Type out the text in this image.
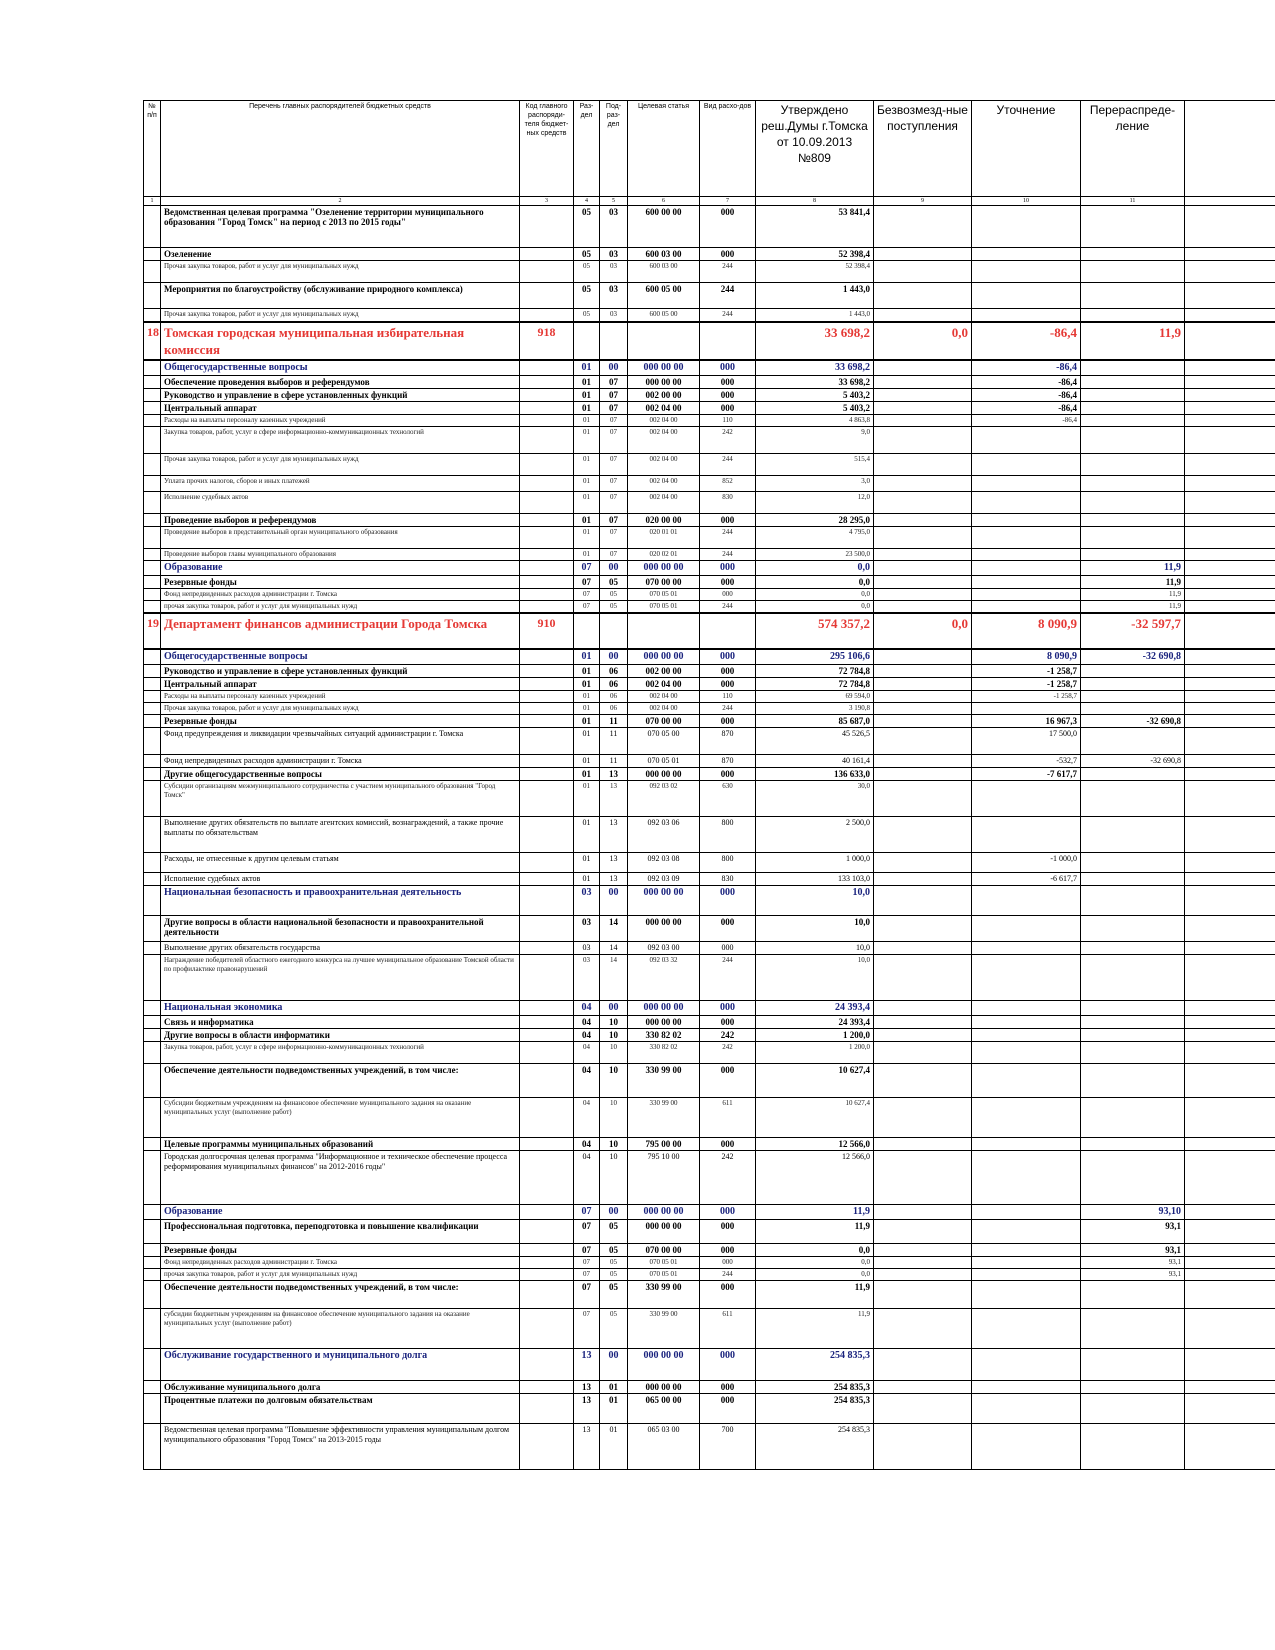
№ п/п	Перечень главных распорядителей бюджетных средств	Код главного распоряди-теля бюджет-ных средств	Раз-дел	Под-раз-дел	Целевая статья	Вид расхо-дов	Утверждено реш.Думы г.Томска от 10.09.2013 №809	Безвозмезд-ные поступления	Уточнение	Перераспреде-ление	
1	2	3	4	5	6	7	8	9	10	11	
	Ведомственная целевая программа "Озеленение территории муниципального образования "Город Томск" на период с 2013 по 2015 годы"		05	03	600 00 00	000	53 841,4				
	Озеленение		05	03	600 03 00	000	52 398,4				
	Прочая закупка товаров, работ и услуг для муниципальных нужд		05	03	600 03 00	244	52 398,4				
	Мероприятия по благоустройству (обслуживание природного комплекса)		05	03	600 05 00	244	1 443,0				
	Прочая закупка товаров, работ и услуг для муниципальных нужд		05	03	600 05 00	244	1 443,0				
18	Томская городская муниципальная избирательная комиссия	918					33 698,2	0,0	-86,4	11,9	
	Общегосударственные вопросы		01	00	000 00 00	000	33 698,2		-86,4		
	Обеспечение проведения выборов и референдумов		01	07	000 00 00	000	33 698,2		-86,4		
	Руководство и управление в сфере установленных функций		01	07	002 00 00	000	5 403,2		-86,4		
	Центральный аппарат		01	07	002 04 00	000	5 403,2		-86,4		
	Расходы на выплаты персоналу казенных учреждений		01	07	002 04 00	110	4 863,8		-86,4		
	Закупка товаров, работ, услуг в сфере информационно-коммуникационных технологий		01	07	002 04 00	242	9,0				
	Прочая закупка товаров, работ и услуг для муниципальных нужд		01	07	002 04 00	244	515,4				
	Уплата прочих налогов, сборов и иных платежей		01	07	002 04 00	852	3,0				
	Исполнение судебных актов		01	07	002 04 00	830	12,0				
	Проведение выборов и референдумов		01	07	020 00 00	000	28 295,0				
	Проведение выборов в представительный орган муниципального образования		01	07	020 01 01	244	4 795,0				
	Проведение выборов главы муниципального образования		01	07	020 02 01	244	23 500,0				
	Образование		07	00	000 00 00	000	0,0			11,9	
	Резервные фонды		07	05	070 00 00	000	0,0			11,9	
	Фонд непредвиденных расходов администрации г. Томска		07	05	070 05 01	000	0,0			11,9	
	прочая закупка товаров, работ и услуг для муниципальных нужд		07	05	070 05 01	244	0,0			11,9	
19	Департамент финансов администрации Города Томска	910					574 357,2	0,0	8 090,9	-32 597,7	
	Общегосударственные вопросы		01	00	000 00 00	000	295 106,6		8 090,9	-32 690,8	
	Руководство и управление в сфере установленных функций		01	06	002 00 00	000	72 784,8		-1 258,7		
	Центральный аппарат		01	06	002 04 00	000	72 784,8		-1 258,7		
	Расходы на выплаты персоналу казенных учреждений		01	06	002 04 00	110	69 594,0		-1 258,7		
	Прочая закупка товаров, работ и услуг для муниципальных нужд		01	06	002 04 00	244	3 190,8				
	Резервные фонды		01	11	070 00 00	000	85 687,0		16 967,3	-32 690,8	
	Фонд предупреждения и ликвидации чрезвычайных ситуаций администрации г. Томска		01	11	070 05 00	870	45 526,5		17 500,0		
	Фонд непредвиденных расходов администрации г. Томска		01	11	070 05 01	870	40 161,4		-532,7	-32 690,8	
	Другие общегосударственные вопросы		01	13	000 00 00	000	136 633,0		-7 617,7		
	Субсидии организациям межмуниципального сотрудничества с участием муниципального образования "Город Томск"		01	13	092 03 02	630	30,0				
	Выполнение других обязательств по выплате агентских комиссий, вознаграждений, а также прочие выплаты по обязательствам		01	13	092 03 06	800	2 500,0				
	Расходы, не отнесенные к другим целевым статьям		01	13	092 03 08	800	1 000,0		-1 000,0		
	Исполнение судебных актов		01	13	092 03 09	830	133 103,0		-6 617,7		
	Национальная безопасность и правоохранительная деятельность		03	00	000 00 00	000	10,0				
	Другие вопросы в области национальной безопасности и правоохранительной деятельности		03	14	000 00 00	000	10,0				
	Выполнение других обязательств государства		03	14	092 03 00	000	10,0				
	Награждение победителей областного ежегодного конкурса на лучшее муниципальное образование Томской области по профилактике правонарушений		03	14	092 03 32	244	10,0				
	Национальная экономика		04	00	000 00 00	000	24 393,4				
	Связь и информатика		04	10	000 00 00	000	24 393,4				
	Другие вопросы в области информатики		04	10	330 82 02	242	1 200,0				
	Закупка товаров, работ, услуг в сфере информационно-коммуникационных технологий		04	10	330 82 02	242	1 200,0				
	Обеспечение деятельности подведомственных учреждений, в том числе:		04	10	330 99 00	000	10 627,4				
	Субсидии бюджетным учреждениям на финансовое обеспечение муниципального задания на оказание муниципальных услуг (выполнение работ)		04	10	330 99 00	611	10 627,4				
	Целевые программы муниципальных образований		04	10	795 00 00	000	12 566,0				
	Городская долгосрочная целевая программа "Информационное и техническое обеспечение процесса реформирования муниципальных финансов" на 2012-2016 годы"		04	10	795 10 00	242	12 566,0				
	Образование		07	00	000 00 00	000	11,9			93,10	
	Профессиональная подготовка, переподготовка и повышение квалификации		07	05	000 00 00	000	11,9			93,1	
	Резервные фонды		07	05	070 00 00	000	0,0			93,1	
	Фонд непредвиденных расходов администрации г. Томска		07	05	070 05 01	000	0,0			93,1	
	прочая закупка товаров, работ и услуг для муниципальных нужд		07	05	070 05 01	244	0,0			93,1	
	Обеспечение деятельности подведомственных учреждений, в том числе:		07	05	330 99 00	000	11,9				
	субсидии бюджетным учреждениям на финансовое обеспечение муниципального задания на оказание муниципальных услуг (выполнение работ)		07	05	330 99 00	611	11,9				
	Обслуживание государственного и муниципального долга		13	00	000 00 00	000	254 835,3				
	Обслуживание муниципального долга		13	01	000 00 00	000	254 835,3				
	Процентные платежи по долговым обязательствам		13	01	065 00 00	000	254 835,3				
	Ведомственная целевая программа "Повышение эффективности управления муниципальным долгом муниципального образования "Город Томск" на 2013-2015 годы		13	01	065 03 00	700	254 835,3				
